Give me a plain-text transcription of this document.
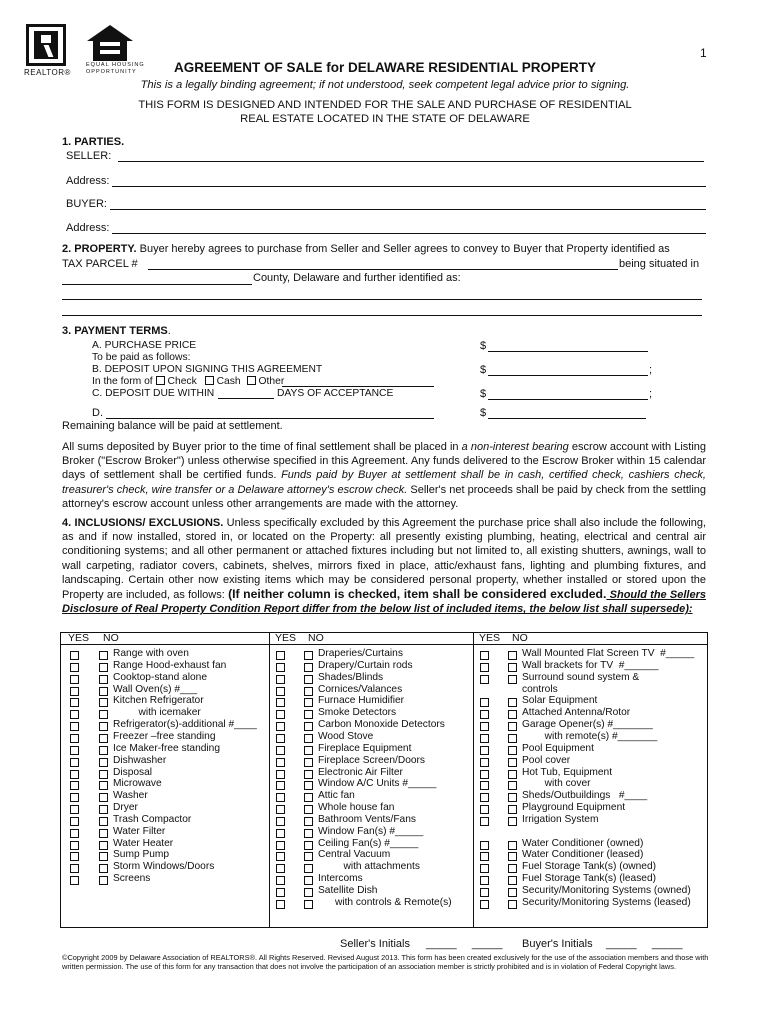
REALTOR®
EQUAL HOUSING
OPPORTUNITY
1
AGREEMENT OF SALE for DELAWARE RESIDENTIAL PROPERTY
This is a legally binding agreement; if not understood, seek competent legal advice prior to signing.
THIS FORM IS DESIGNED AND INTENDED FOR THE SALE AND PURCHASE OF RESIDENTIAL
REAL ESTATE LOCATED IN THE STATE OF DELAWARE
1. PARTIES.
SELLER:
Address:
BUYER:
Address:
2. PROPERTY. Buyer hereby agrees to purchase from Seller and Seller agrees to convey to Buyer that Property identified as
TAX PARCEL #	being situated in
County, Delaware and further identified as:
3. PAYMENT TERMS.
A. PURCHASE PRICE	$
To be paid as follows:
B. DEPOSIT UPON SIGNING THIS AGREEMENT	$	;
In the form of Check Cash Other
C. DEPOSIT DUE WITHIN	DAYS OF ACCEPTANCE	$	;
D.	$
Remaining balance will be paid at settlement.
All sums deposited by Buyer prior to the time of final settlement shall be placed in a non-interest bearing escrow account with Listing Broker ("Escrow Broker") unless otherwise specified in this Agreement. Any funds delivered to the Escrow Broker within 15 calendar days of settlement shall be certified funds. Funds paid by Buyer at settlement shall be in cash, certified check, cashiers check, treasurer's check, wire transfer or a Delaware attorney's escrow check. Seller's net proceeds shall be paid by check from the settling attorney's escrow account unless other arrangements are made with the attorney.
4. INCLUSIONS/ EXCLUSIONS. Unless specifically excluded by this Agreement the purchase price shall also include the following, as and if now installed, stored in, or located on the Property: all presently existing plumbing, heating, electrical and central air conditioning systems; and all other permanent or attached fixtures including but not limited to, all existing shutters, awnings, wall to wall carpeting, radiator covers, cabinets, shelves, mirrors fixed in place, attic/exhaust fans, lighting and plumbing fixtures, and landscaping. Certain other now existing items which may be considered personal property, whether installed or stored upon the Property are included, as follows: (If neither column is checked, item shall be considered excluded. Should the Sellers Disclosure of Real Property Condition Report differ from the below list of included items, the below list shall supersede):
YES NO
Range with oven
Range Hood-exhaust fan
Cooktop-stand alone
Wall Oven(s) #___
Kitchen Refrigerator
with icemaker
Refrigerator(s)-additional #____
Freezer –free standing
Ice Maker-free standing
Dishwasher
Disposal
Microwave
Washer
Dryer
Trash Compactor
Water Filter
Water Heater
Sump Pump
Storm Windows/Doors
Screens
YES NO
Draperies/Curtains
Drapery/Curtain rods
Shades/Blinds
Cornices/Valances
Furnace Humidifier
Smoke Detectors
Carbon Monoxide Detectors
Wood Stove
Fireplace Equipment
Fireplace Screen/Doors
Electronic Air Filter
Window A/C Units #_____
Attic fan
Whole house fan
Bathroom Vents/Fans
Window Fan(s) #_____
Ceiling Fan(s) #_____
Central Vacuum
with attachments
Intercoms
Satellite Dish
with controls & Remote(s)
YES NO
Wall Mounted Flat Screen TV  #_____
Wall brackets for TV  #______
Surround sound system &
controls
Solar Equipment
Attached Antenna/Rotor
Garage Opener(s) #_______
with remote(s) #_______
Pool Equipment
Pool cover
Hot Tub, Equipment
with cover
Sheds/Outbuildings   #____
Playground Equipment
Irrigation System
Water Conditioner (owned)
Water Conditioner (leased)
Fuel Storage Tank(s) (owned)
Fuel Storage Tank(s) (leased)
Security/Monitoring Systems (owned)
Security/Monitoring Systems (leased)
Seller's Initials _____     _____ Buyer's Initials _____     _____
©Copyright 2009 by Delaware Association of REALTORS®. All Rights Reserved. Revised August 2013. This form has been created exclusively for the use of the association members and those with written permission. The use of this form for any transaction that does not involve the participation of an association member is strictly prohibited and is in violation of Federal Copyright laws.
